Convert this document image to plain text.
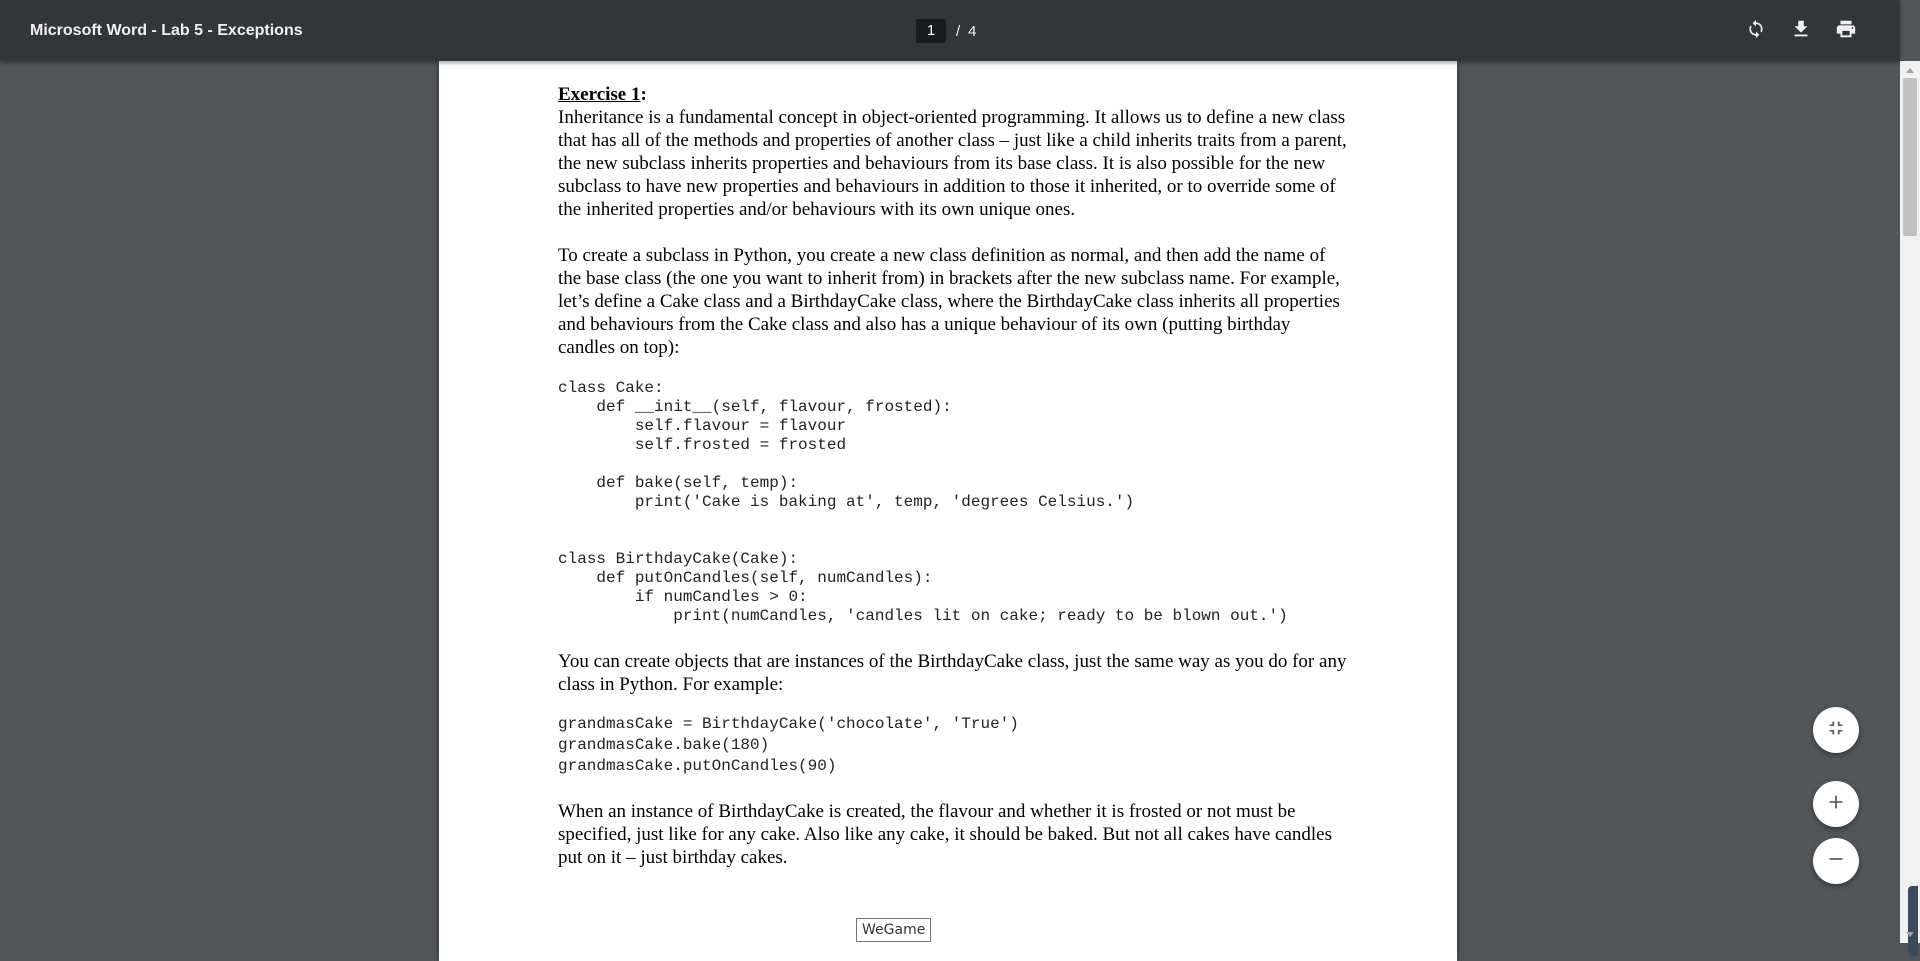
Microsoft Word - Lab 5 - Exceptions	1	/ 4
Exercise 1:

Inheritance is a fundamental concept in object-oriented programming. It allows us to define a new class that has all of the methods and properties of another class – just like a child inherits traits from a parent, the new subclass inherits properties and behaviours from its base class. It is also possible for the new subclass to have new properties and behaviours in addition to those it inherited, or to override some of the inherited properties and/or behaviours with its own unique ones.

To create a subclass in Python, you create a new class definition as normal, and then add the name of the base class (the one you want to inherit from) in brackets after the new subclass name. For example, let’s define a Cake class and a BirthdayCake class, where the BirthdayCake class inherits all properties and behaviours from the Cake class and also has a unique behaviour of its own (putting birthday candles on top):

class Cake:
def __init__(self, flavour, frosted):
self.flavour = flavour
self.frosted = frosted

def bake(self, temp):
print('Cake is baking at', temp, 'degrees Celsius.')
class BirthdayCake(Cake):
def putOnCandles(self, numCandles):
if numCandles > 0:
print(numCandles, 'candles lit on cake; ready to be blown out.')

You can create objects that are instances of the BirthdayCake class, just the same way as you do for any class in Python. For example:

grandmasCake = BirthdayCake('chocolate', 'True')
grandmasCake.bake(180)
grandmasCake.putOnCandles(90)

When an instance of BirthdayCake is created, the flavour and whether it is frosted or not must be specified, just like for any cake. Also like any cake, it should be baked. But not all cakes have candles put on it – just birthday cakes.

WeGame
